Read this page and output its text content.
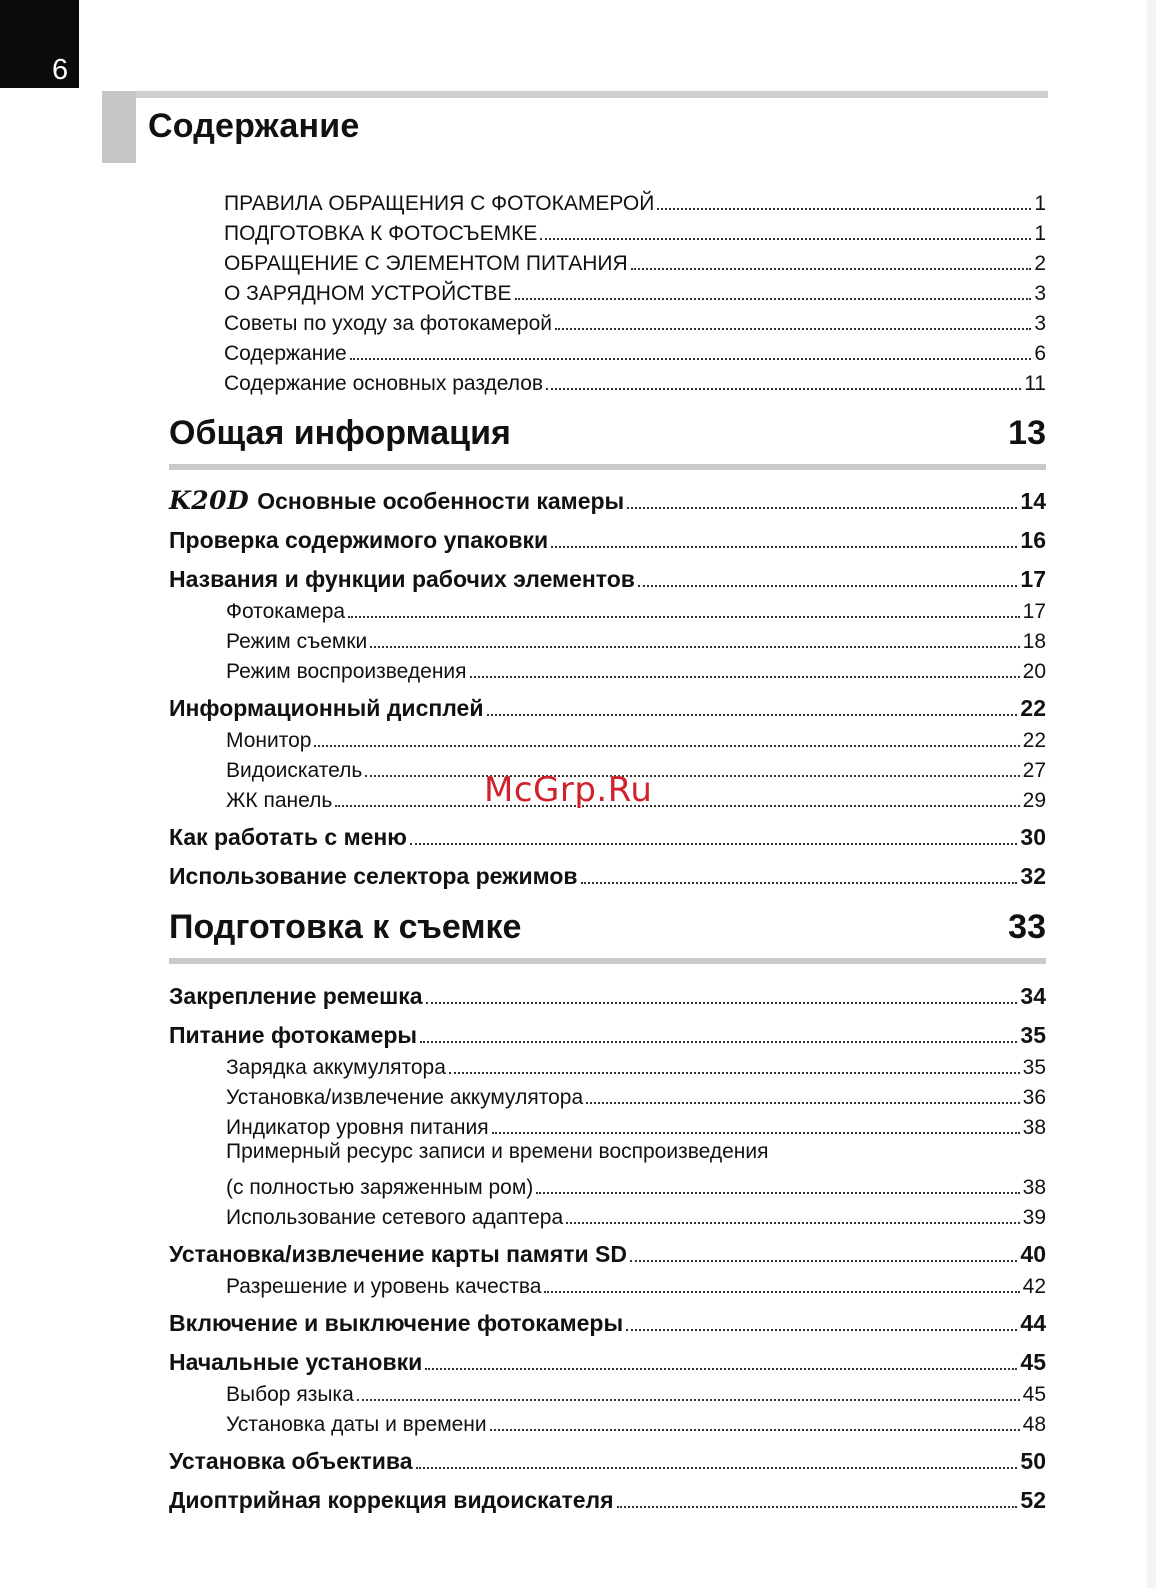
6
Содержание
ПРАВИЛА ОБРАЩЕНИЯ С ФОТОКАМЕРОЙ	1
ПОДГОТОВКА К ФОТОСЪЕМКЕ	1
ОБРАЩЕНИЕ С ЭЛЕМЕНТОМ ПИТАНИЯ	2
О ЗАРЯДНОМ УСТРОЙСТВЕ	3
Советы по уходу за фотокамерой	3
Содержание	6
Содержание основных разделов	11
Общая информация	13
K20D Основные особенности камеры	14
Проверка содержимого упаковки	16
Названия и функции рабочих элементов	17
Фотокамера	17
Режим съемки	18
Режим воспроизведения	20
Информационный дисплей	22
Монитор	22
Видоискатель	27
ЖК панель	29
Как работать с меню	30
Использование селектора режимов	32
Подготовка к съемке	33
Закрепление ремешка	34
Питание фотокамеры	35
Зарядка аккумулятора	35
Установка/извлечение аккумулятора	36
Индикатор уровня питания	38
Примерный ресурс записи и времени воспроизведения
(с полностью заряженным ром)	38
Использование сетевого адаптера	39
Установка/извлечение карты памяти SD	40
Разрешение и уровень качества	42
Включение и выключение фотокамеры	44
Начальные установки	45
Выбор языка	45
Установка даты и времени	48
Установка объектива	50
Диоптрийная коррекция видоискателя	52
McGrp.Ru
